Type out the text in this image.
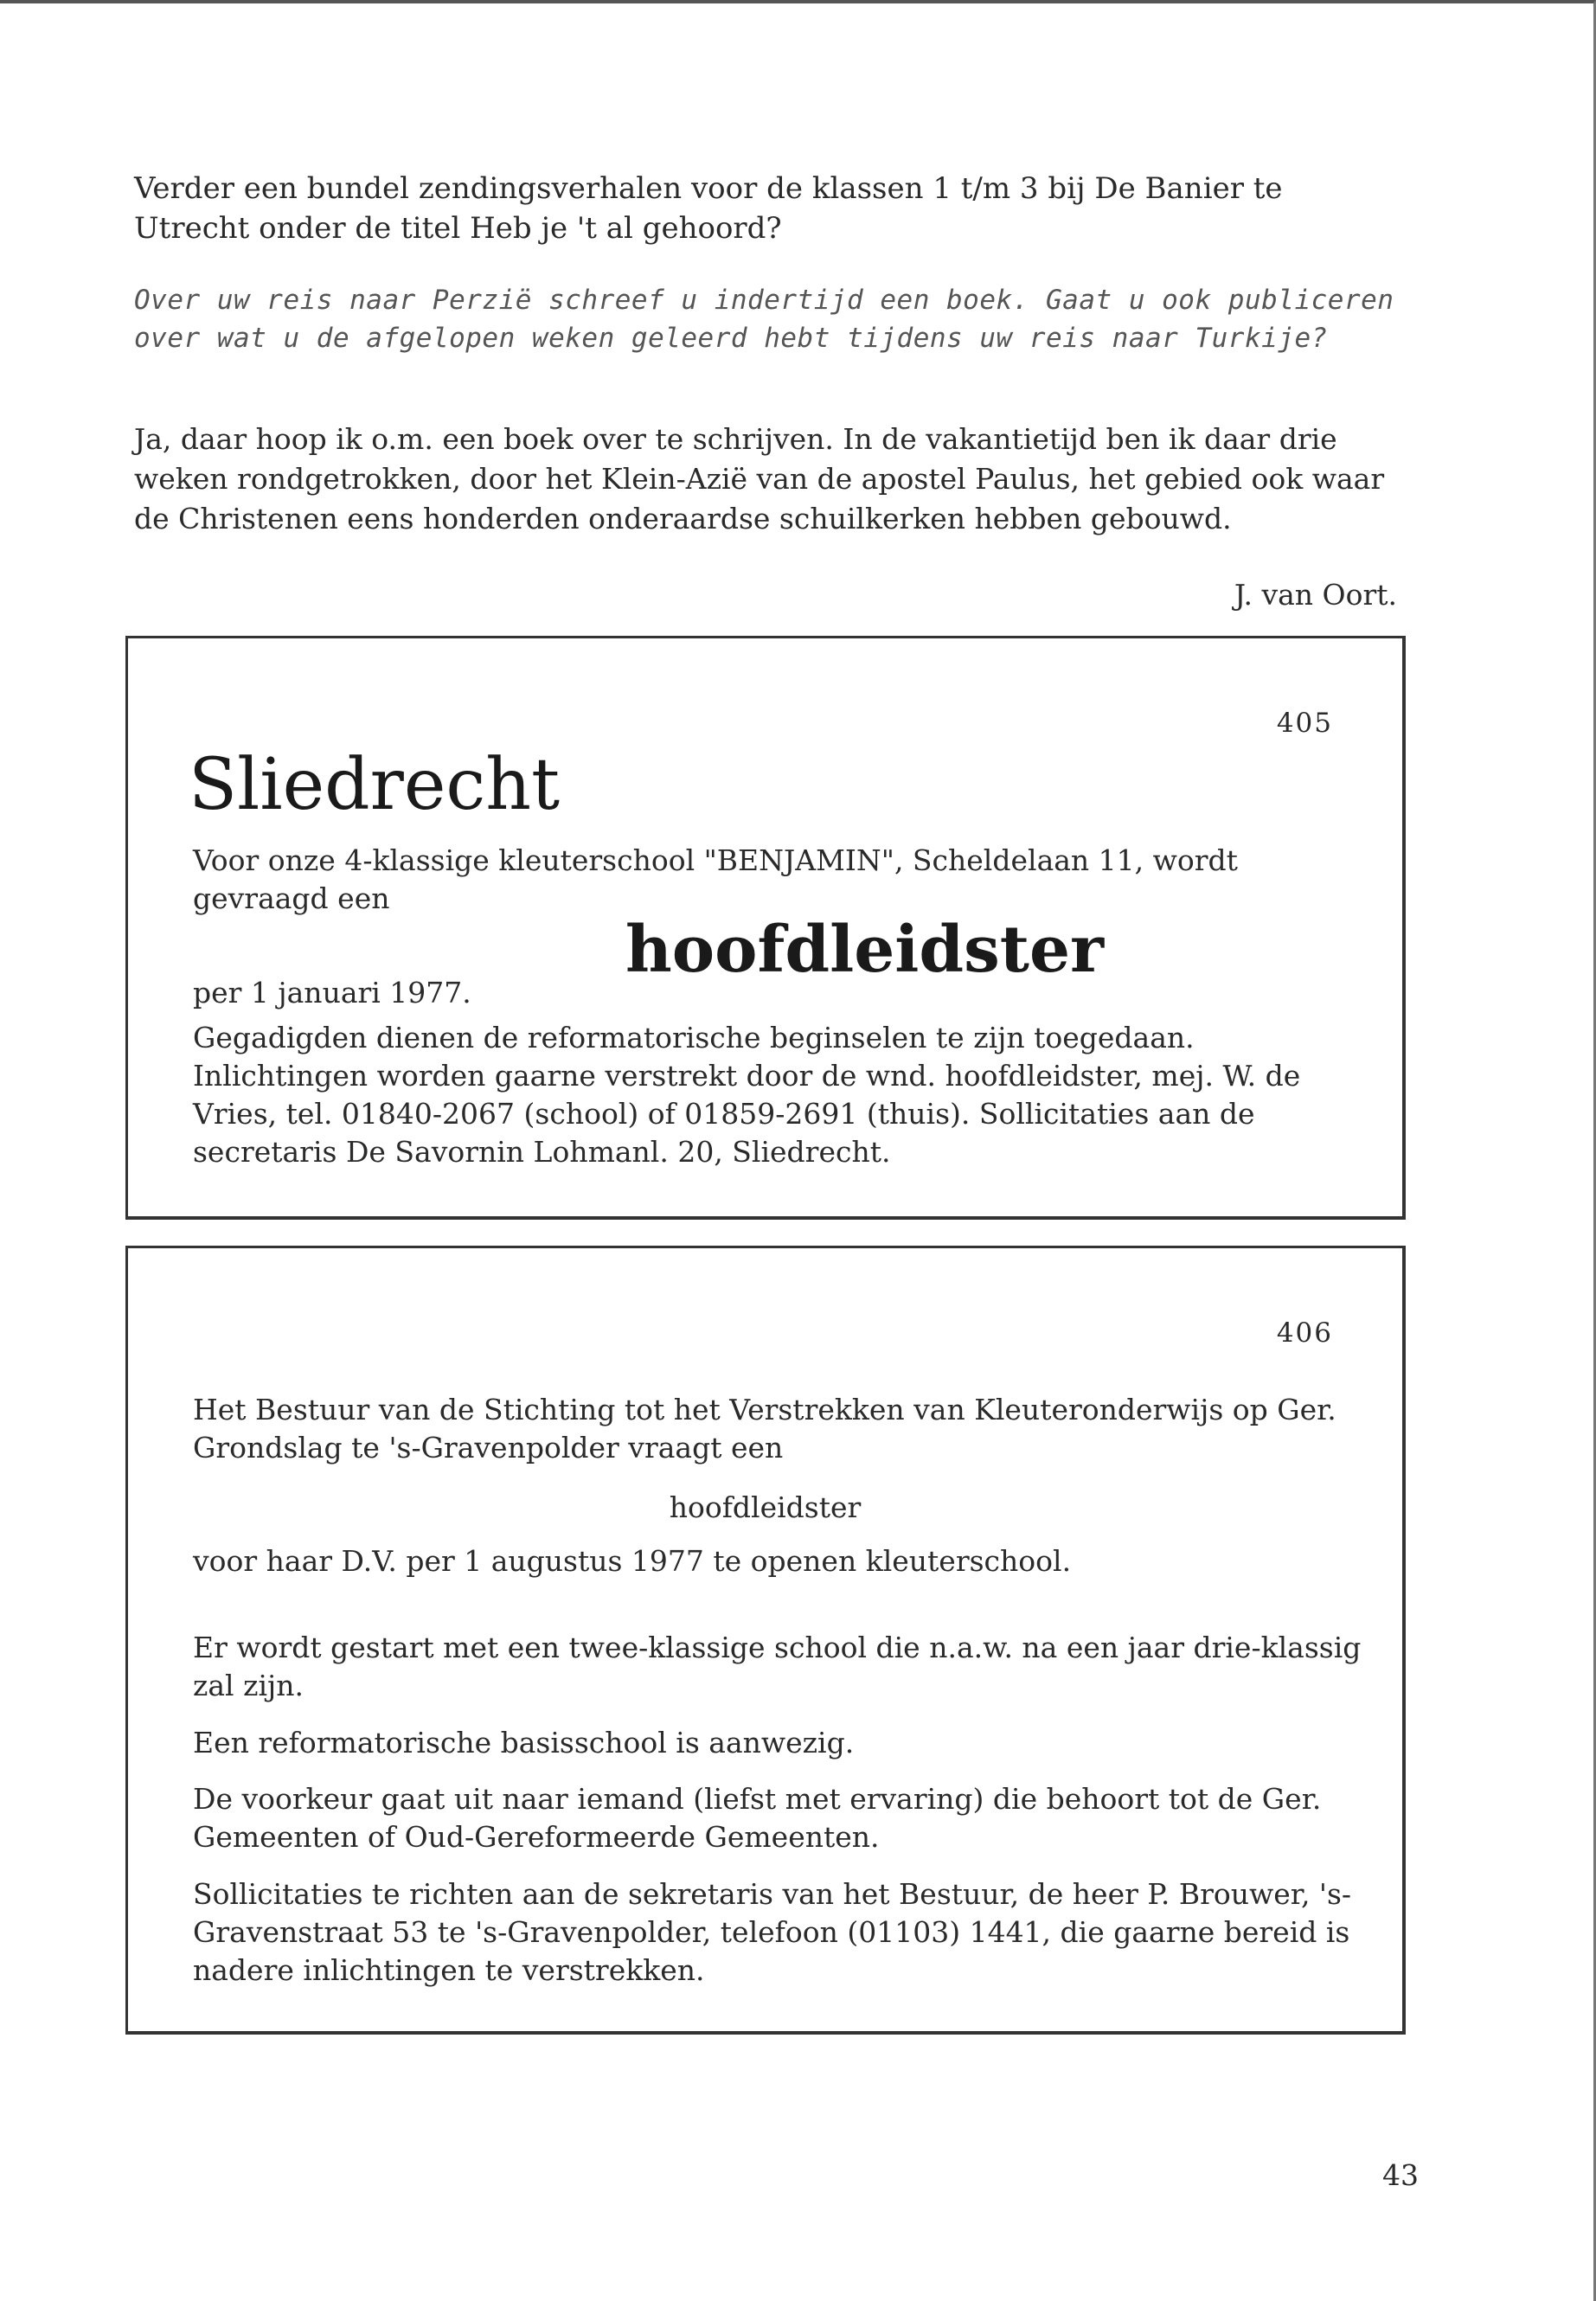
Verder een bundel zendingsverhalen voor de klassen 1 t/m 3 bij De Banier te Utrecht onder de titel Heb je 't al gehoord?

Over uw reis naar Perzië schreef u indertijd een boek. Gaat u ook publiceren over wat u de afgelopen weken geleerd hebt tijdens uw reis naar Turkije?

Ja, daar hoop ik o.m. een boek over te schrijven. In de vakantietijd ben ik daar drie weken rondgetrokken, door het Klein-Azië van de apostel Paulus, het gebied ook waar de Christenen eens honderden onderaardse schuilkerken hebben gebouwd.

J. van Oort.
405
Sliedrecht
Voor onze 4-klassige kleuterschool "BENJAMIN", Scheldelaan 11, wordt gevraagd een
hoofdleidster
per 1 januari 1977.
Gegadigden dienen de reformatorische beginselen te zijn toegedaan. Inlichtingen worden gaarne verstrekt door de wnd. hoofdleidster, mej. W. de Vries, tel. 01840-2067 (school) of 01859-2691 (thuis). Sollicitaties aan de secretaris De Savornin Lohmanl. 20, Sliedrecht.
406
Het Bestuur van de Stichting tot het Verstrekken van Kleuteronderwijs op Ger. Grondslag te 's-Gravenpolder vraagt een
hoofdleidster
voor haar D.V. per 1 augustus 1977 te openen kleuterschool.
Er wordt gestart met een twee-klassige school die n.a.w. na een jaar drie-klassig zal zijn.
Een reformatorische basisschool is aanwezig.
De voorkeur gaat uit naar iemand (liefst met ervaring) die behoort tot de Ger. Gemeenten of Oud-Gereformeerde Gemeenten.
Sollicitaties te richten aan de sekretaris van het Bestuur, de heer P. Brouwer, 's-Gravenstraat 53 te 's-Gravenpolder, telefoon (01103) 1441, die gaarne bereid is nadere inlichtingen te verstrekken.
43
